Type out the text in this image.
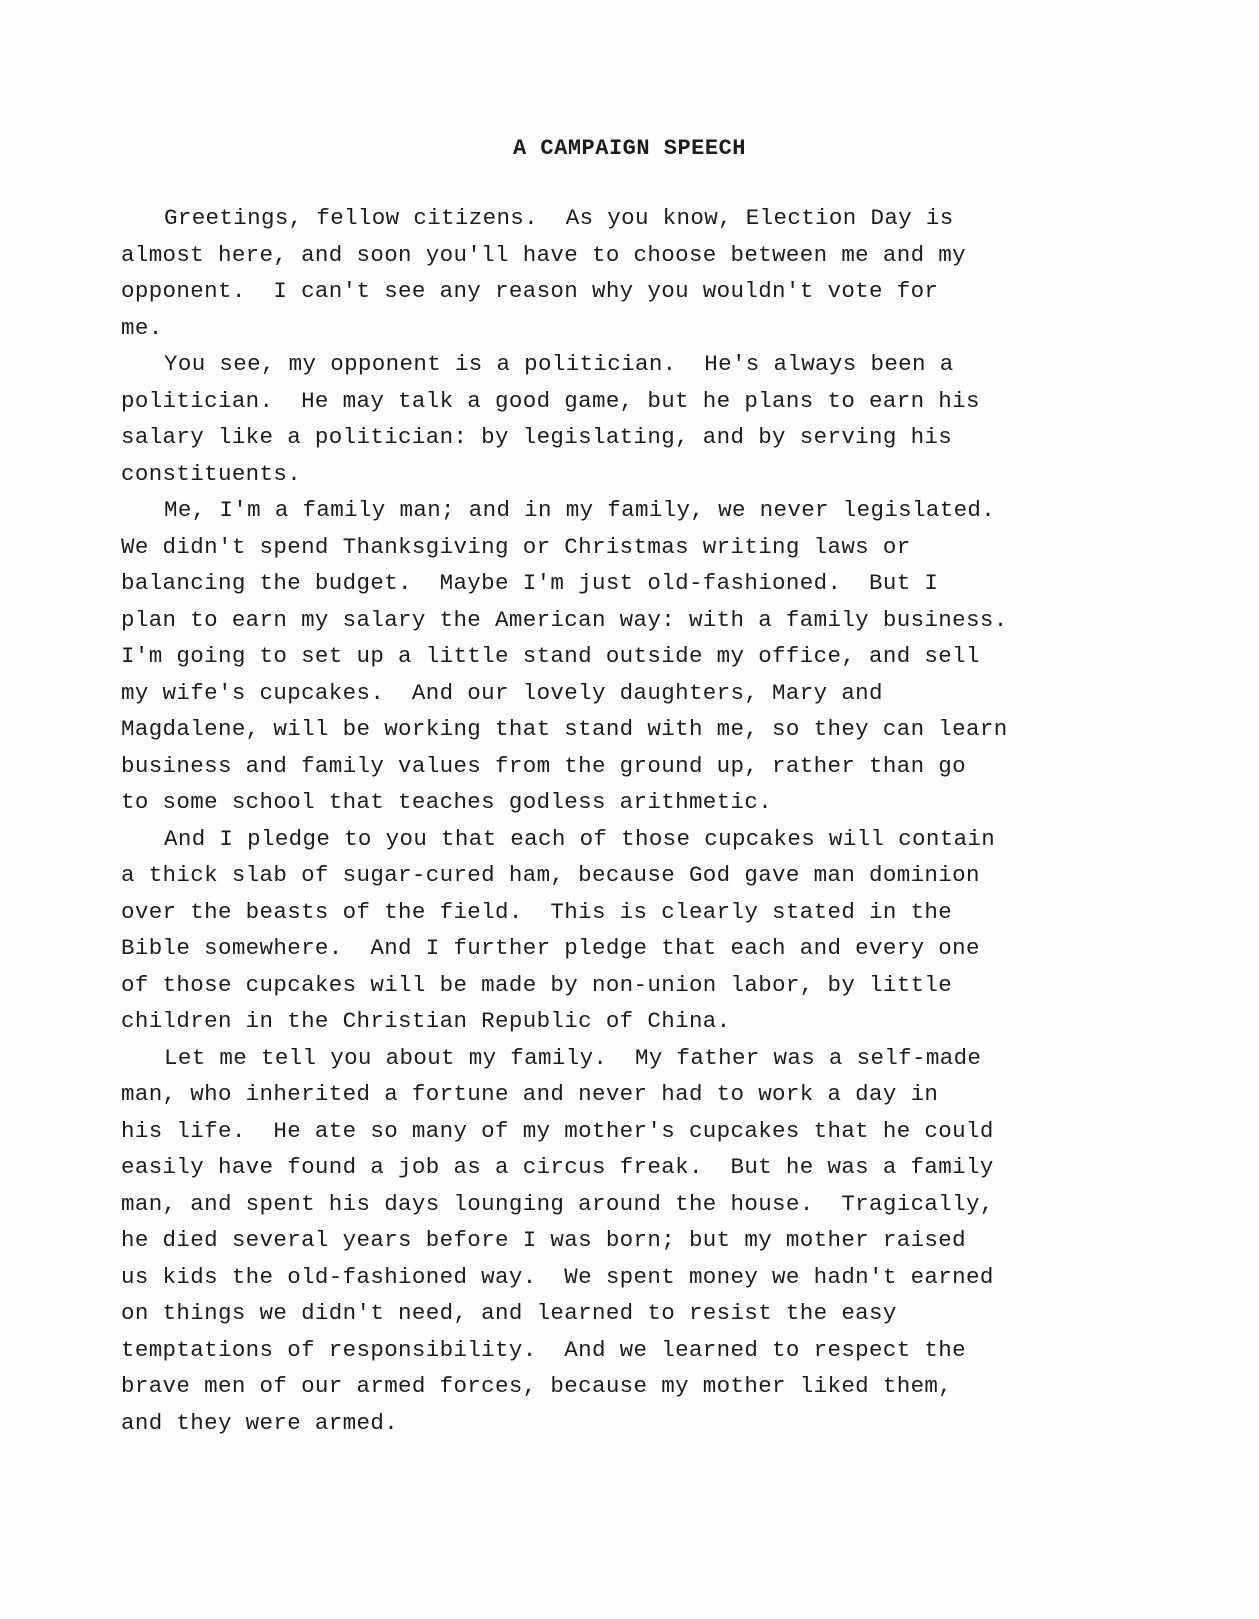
A CAMPAIGN SPEECH
Greetings, fellow citizens.  As you know, Election Day is
almost here, and soon you'll have to choose between me and my
opponent.  I can't see any reason why you wouldn't vote for
me.
You see, my opponent is a politician.  He's always been a
politician.  He may talk a good game, but he plans to earn his
salary like a politician: by legislating, and by serving his
constituents.
Me, I'm a family man; and in my family, we never legislated.
We didn't spend Thanksgiving or Christmas writing laws or
balancing the budget.  Maybe I'm just old-fashioned.  But I
plan to earn my salary the American way: with a family business.
I'm going to set up a little stand outside my office, and sell
my wife's cupcakes.  And our lovely daughters, Mary and
Magdalene, will be working that stand with me, so they can learn
business and family values from the ground up, rather than go
to some school that teaches godless arithmetic.
And I pledge to you that each of those cupcakes will contain
a thick slab of sugar-cured ham, because God gave man dominion
over the beasts of the field.  This is clearly stated in the
Bible somewhere.  And I further pledge that each and every one
of those cupcakes will be made by non-union labor, by little
children in the Christian Republic of China.
Let me tell you about my family.  My father was a self-made
man, who inherited a fortune and never had to work a day in
his life.  He ate so many of my mother's cupcakes that he could
easily have found a job as a circus freak.  But he was a family
man, and spent his days lounging around the house.  Tragically,
he died several years before I was born; but my mother raised
us kids the old-fashioned way.  We spent money we hadn't earned
on things we didn't need, and learned to resist the easy
temptations of responsibility.  And we learned to respect the
brave men of our armed forces, because my mother liked them,
and they were armed.
